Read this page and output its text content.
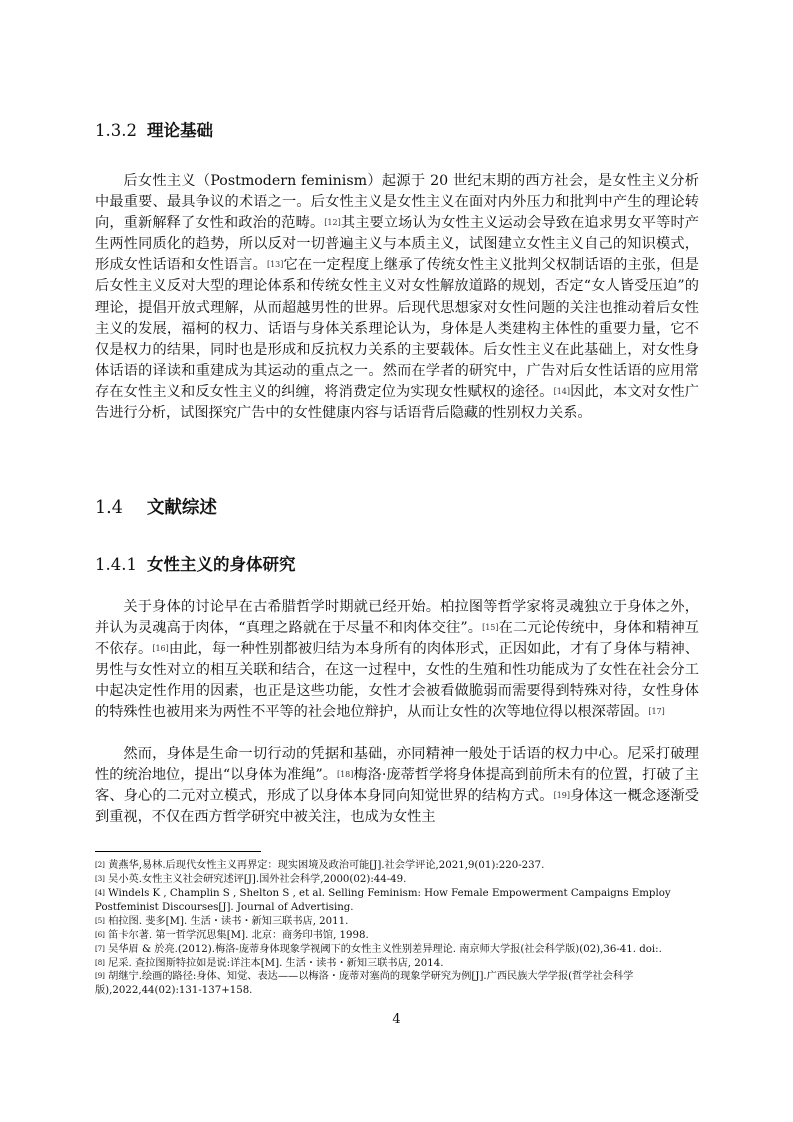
1.3.2 理论基础

后女性主义（Postmodern feminism）起源于 20 世纪末期的西方社会，是女性主义分析中最重要、最具争议的术语之一。后女性主义是女性主义在面对内外压力和批判中产生的理论转向，重新解释了女性和政治的范畴。[12]其主要立场认为女性主义运动会导致在追求男女平等时产生两性同质化的趋势，所以反对一切普遍主义与本质主义，试图建立女性主义自己的知识模式，形成女性话语和女性语言。[13]它在一定程度上继承了传统女性主义批判父权制话语的主张，但是后女性主义反对大型的理论体系和传统女性主义对女性解放道路的规划，否定“女人皆受压迫”的理论，提倡开放式理解，从而超越男性的世界。后现代思想家对女性问题的关注也推动着后女性主义的发展，福柯的权力、话语与身体关系理论认为，身体是人类建构主体性的重要力量，它不仅是权力的结果，同时也是形成和反抗权力关系的主要载体。后女性主义在此基础上，对女性身体话语的译读和重建成为其运动的重点之一。然而在学者的研究中，广告对后女性话语的应用常存在女性主义和反女性主义的纠缠，将消费定位为实现女性赋权的途径。[14]因此，本文对女性广告进行分析，试图探究广告中的女性健康内容与话语背后隐藏的性别权力关系。

1.4 文献综述
1.4.1 女性主义的身体研究

关于身体的讨论早在古希腊哲学时期就已经开始。柏拉图等哲学家将灵魂独立于身体之外，并认为灵魂高于肉体，“真理之路就在于尽量不和肉体交往”。[15]在二元论传统中，身体和精神互不依存。[16]由此，每一种性别都被归结为本身所有的肉体形式，正因如此，才有了身体与精神、男性与女性对立的相互关联和结合，在这一过程中，女性的生殖和性功能成为了女性在社会分工中起决定性作用的因素，也正是这些功能，女性才会被看做脆弱而需要得到特殊对待，女性身体的特殊性也被用来为两性不平等的社会地位辩护，从而让女性的次等地位得以根深蒂固。[17]

然而，身体是生命一切行动的凭据和基础，亦同精神一般处于话语的权力中心。尼采打破理性的统治地位，提出“以身体为准绳”。[18]梅洛·庞蒂哲学将身体提高到前所未有的位置，打破了主客、身心的二元对立模式，形成了以身体本身同向知觉世界的结构方式。[19]身体这一概念逐渐受到重视，不仅在西方哲学研究中被关注，也成为女性主

[2] 黄燕华,易林.后现代女性主义再界定：现实困境及政治可能[J].社会学评论,2021,9(01):220-237.
[3] 吴小英.女性主义社会研究述评[J].国外社会科学,2000(02):44-49.
[4] Windels K , Champlin S , Shelton S , et al. Selling Feminism: How Female Empowerment Campaigns Employ Postfeminist Discourses[J]. Journal of Advertising.
[5] 柏拉图. 斐多[M]. 生活・读书・新知三联书店, 2011.
[6] 笛卡尔著. 第一哲学沉思集[M]. 北京：商务印书馆, 1998.
[7] 吴华眉 & 於亮.(2012).梅洛-庞蒂身体现象学视阈下的女性主义性别差异理论. 南京师大学报(社会科学版)(02),36-41. doi:.
[8] 尼采. 查拉图斯特拉如是说:详注本[M]. 生活・读书・新知三联书店, 2014.
[9] 胡继宁.绘画的路径:身体、知觉、表达——以梅洛・庞蒂对塞尚的现象学研究为例[J].广西民族大学学报(哲学社会科学版),2022,44(02):131-137+158.
4
